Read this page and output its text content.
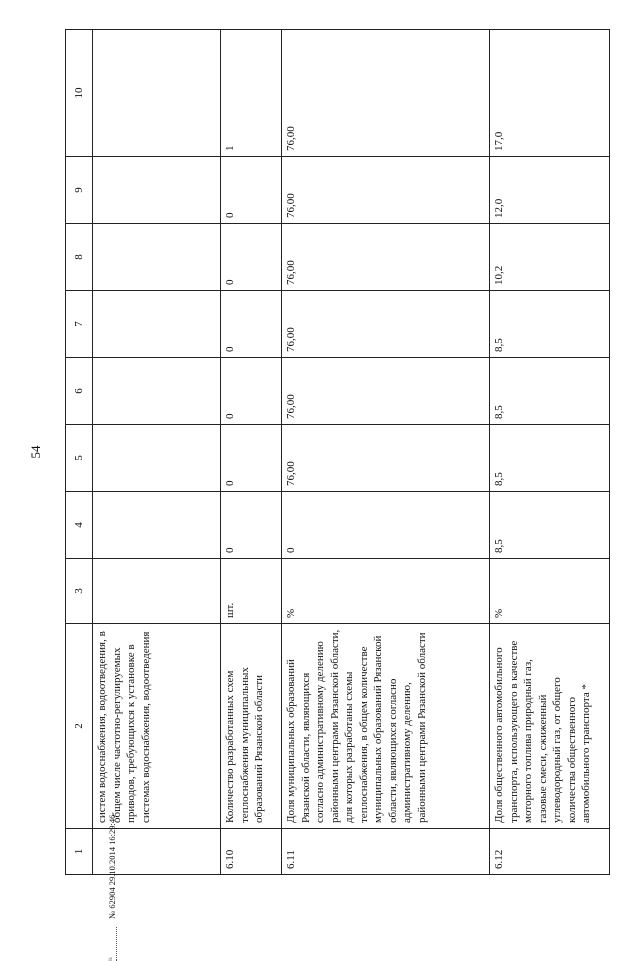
54
1	2	3	4	5	6	7	8	9	10
	систем водоснабжения, водоотведения, в общем числе частотно-регулируемых приводов, требующихся к установке в системах водоснабжения, водоотведения								
6.10	Количество разработанных схем теплоснабжения муниципальных образований Рязанской области	шт.	0	0	0	0	0	0	1
6.11	Доля муниципальных образований Рязанской области, являющихся согласно административному делению районными центрами Рязанской области, для которых разработаны схемы теплоснабжения, в общем количестве муниципальных образований Рязанской области, являющихся согласно административному делению, районными центрами Рязанской области	%	0	76,00	76,00	76,00	76,00	76,00	76,00
6.12	Доля общественного автомобильного транспорта, использующего в качестве моторного топлива природный газ, газовые смеси, сжиженный углеводородный газ, от общего количества общественного автомобильного транспорта *	%	8,5	8,5	8,5	8,5	10,2	12,0	17,0
lk № 62904 29.10.2014 16:29:46
